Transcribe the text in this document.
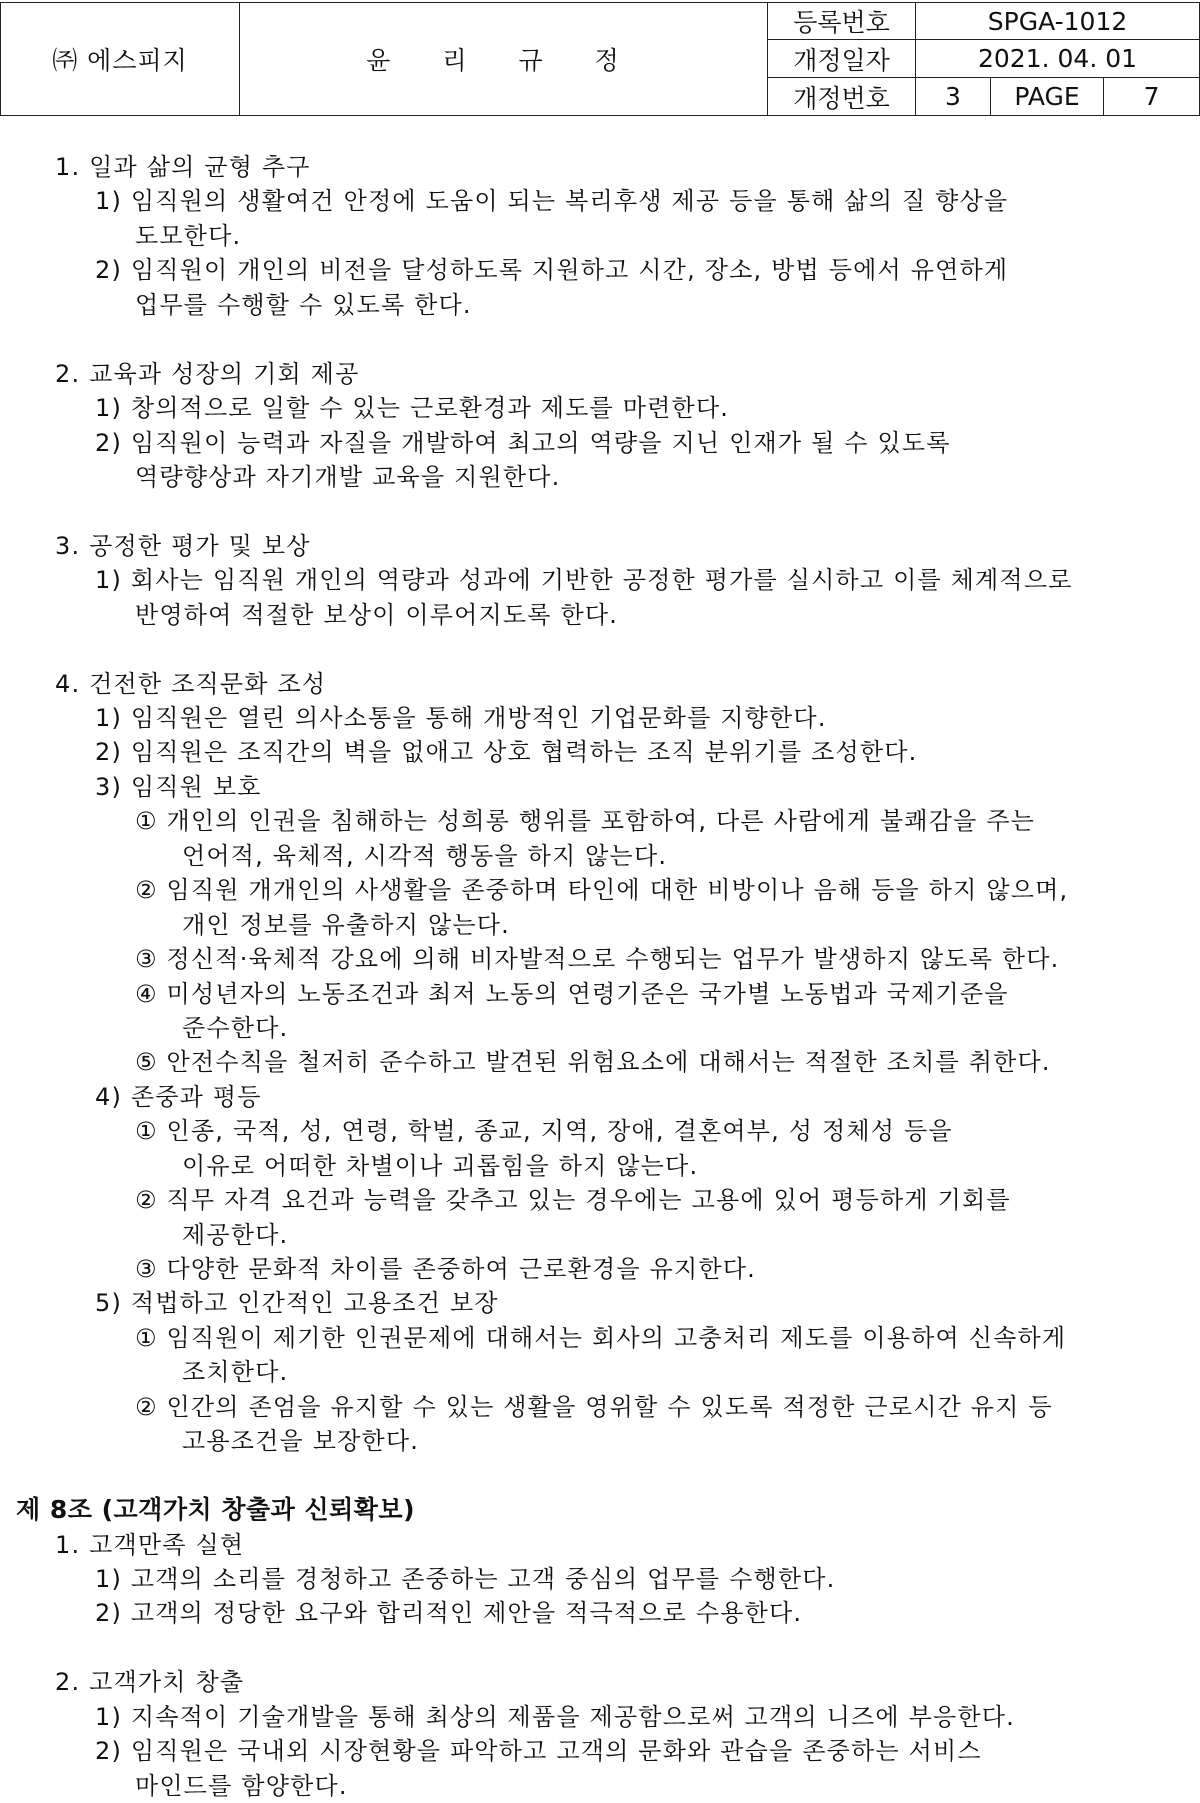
㈜ 에스피지	윤 리 규 정	등록번호	SPGA-1012		
		개정일자	2021. 04. 01		
		개정번호	3	PAGE	7
1. 일과 삶의 균형 추구
1) 임직원의 생활여건 안정에 도움이 되는 복리후생 제공 등을 통해 삶의 질 향상을
도모한다.
2) 임직원이 개인의 비전을 달성하도록 지원하고 시간, 장소, 방법 등에서 유연하게
업무를 수행할 수 있도록 한다.
2. 교육과 성장의 기회 제공
1) 창의적으로 일할 수 있는 근로환경과 제도를 마련한다.
2) 임직원이 능력과 자질을 개발하여 최고의 역량을 지닌 인재가 될 수 있도록
역량향상과 자기개발 교육을 지원한다.
3. 공정한 평가 및 보상
1) 회사는 임직원 개인의 역량과 성과에 기반한 공정한 평가를 실시하고 이를 체계적으로
반영하여 적절한 보상이 이루어지도록 한다.
4. 건전한 조직문화 조성
1) 임직원은 열린 의사소통을 통해 개방적인 기업문화를 지향한다.
2) 임직원은 조직간의 벽을 없애고 상호 협력하는 조직 분위기를 조성한다.
3) 임직원 보호
① 개인의 인권을 침해하는 성희롱 행위를 포함하여, 다른 사람에게 불쾌감을 주는
언어적, 육체적, 시각적 행동을 하지 않는다.
② 임직원 개개인의 사생활을 존중하며 타인에 대한 비방이나 음해 등을 하지 않으며,
개인 정보를 유출하지 않는다.
③ 정신적·육체적 강요에 의해 비자발적으로 수행되는 업무가 발생하지 않도록 한다.
④ 미성년자의 노동조건과 최저 노동의 연령기준은 국가별 노동법과 국제기준을
준수한다.
⑤ 안전수칙을 철저히 준수하고 발견된 위험요소에 대해서는 적절한 조치를 취한다.
4) 존중과 평등
① 인종, 국적, 성, 연령, 학벌, 종교, 지역, 장애, 결혼여부, 성 정체성 등을
이유로 어떠한 차별이나 괴롭힘을 하지 않는다.
② 직무 자격 요건과 능력을 갖추고 있는 경우에는 고용에 있어 평등하게 기회를
제공한다.
③ 다양한 문화적 차이를 존중하여 근로환경을 유지한다.
5) 적법하고 인간적인 고용조건 보장
① 임직원이 제기한 인권문제에 대해서는 회사의 고충처리 제도를 이용하여 신속하게
조치한다.
② 인간의 존엄을 유지할 수 있는 생활을 영위할 수 있도록 적정한 근로시간 유지 등
고용조건을 보장한다.
제 8조 (고객가치 창출과 신뢰확보)
1. 고객만족 실현
1) 고객의 소리를 경청하고 존중하는 고객 중심의 업무를 수행한다.
2) 고객의 정당한 요구와 합리적인 제안을 적극적으로 수용한다.
2. 고객가치 창출
1) 지속적이 기술개발을 통해 최상의 제품을 제공함으로써 고객의 니즈에 부응한다.
2) 임직원은 국내외 시장현황을 파악하고 고객의 문화와 관습을 존중하는 서비스
마인드를 함양한다.
